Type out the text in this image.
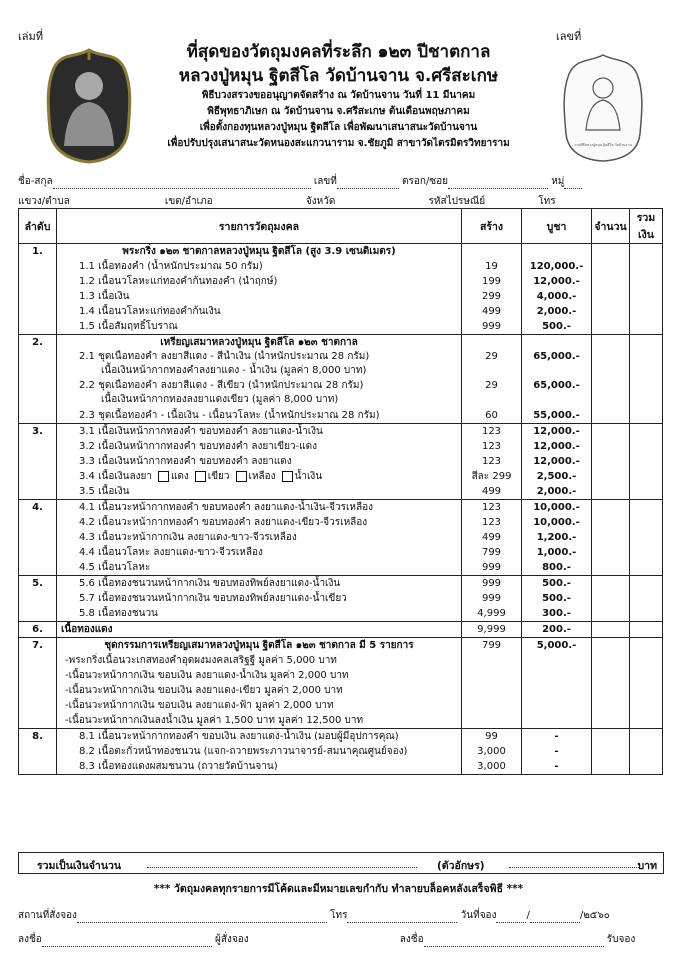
เล่มที่	เลขที่
ที่สุดของวัตถุมงคลที่ระลึก ๑๒๓ ปีชาตกาล
หลวงปู่หมุน ฐิตสีโล วัดบ้านจาน จ.ศรีสะเกษ
พิธีบวงสรวงขออนุญาตจัดสร้าง ณ วัดบ้านจาน วันที่ 11 มีนาคม
พิธีพุทธาภิเษก ณ วัดบ้านจาน จ.ศรีสะเกษ ต้นเดือนพฤษภาคม
เพื่อตั้งกองทุนหลวงปู่หมุน ฐิตสีโล เพื่อพัฒนาเสนาสนะวัดบ้านจาน
เพื่อปรับปรุงเสนาสนะวัดหนองสะแกวนาราม จ.ชัยภูมิ สาขาวัดไตรมิตรวิทยาราม	งานพิธีหลวงปู่หมุน ฐิตสีโล วัดบ้านจาน
ชื่อ-สกุล	เลขที่	ตรอก/ซอย	หมู่
แขวง/ตำบล	เขต/อำเภอ	จังหวัด	รหัสไปรษณีย์	โทร
ลำดับ	รายการวัตถุมงคล	สร้าง	บูชา	จำนวน	รวมเงิน
1.	พระกริ่ง ๑๒๓ ชาตกาลหลวงปู่หมุน ฐิตสีโล (สูง 3.9 เซนติเมตร)				
	1.1 เนื้อทองคำ (น้ำหนักประมาณ 50 กรัม)	19	120,000.-		
	1.2 เนื้อนวโลหะแก่ทองคำก้นทองคำ (นำฤกษ์)	199	12,000.-		
	1.3 เนื้อเงิน	299	4,000.-		
	1.4 เนื้อนวโลหะแก่ทองคำก้นเงิน	499	2,000.-		
	1.5 เนื้อสัมฤทธิ์โบราณ	999	500.-		
2.	เหรียญเสมาหลวงปู่หมุน ฐิตสีโล ๑๒๓ ชาตกาล				
	2.1 ชุดเนื้อทองคำ ลงยาสีแดง - สีน้ำเงิน (น้ำหนักประมาณ 28 กรัม)
เนื้อเงินหน้ากากทองคำลงยาแดง - น้ำเงิน (มูลค่า 8,000 บาท)	29	65,000.-		
	2.2 ชุดเนื้อทองคำ ลงยาสีแดง - สีเขียว (น้ำหนักประมาณ 28 กรัม)
เนื้อเงินหน้ากากทองลงยาแดงเขียว (มูลค่า 8,000 บาท)	29	65,000.-		
	2.3 ชุดเนื้อทองคำ - เนื้อเงิน - เนื้อนวโลหะ (น้ำหนักประมาณ 28 กรัม)	60	55,000.-		
3.	3.1 เนื้อเงินหน้ากากทองคำ ขอบทองคำ ลงยาแดง-น้ำเงิน	123	12,000.-		
	3.2 เนื้อเงินหน้ากากทองคำ ขอบทองคำ ลงยาเขียว-แดง	123	12,000.-		
	3.3 เนื้อเงินหน้ากากทองคำ ขอบทองคำ ลงยาแดง	123	12,000.-		
	3.4 เนื้อเงินลงยา แดง เขียว เหลือง น้ำเงิน	สีละ 299	2,500.-		
	3.5 เนื้อเงิน	499	2,000.-		
4.	4.1 เนื้อนวะหน้ากากทองคำ ขอบทองคำ ลงยาแดง-น้ำเงิน-จีวรเหลือง	123	10,000.-		
	4.2 เนื้อนวะหน้ากากทองคำ ขอบทองคำ ลงยาแดง-เขียว-จีวรเหลือง	123	10,000.-		
	4.3 เนื้อนวะหน้ากากเงิน ลงยาแดง-ขาว-จีวรเหลือง	499	1,200.-		
	4.4 เนื้อนวโลหะ ลงยาแดง-ขาว-จีวรเหลือง	799	1,000.-		
	4.5 เนื้อนวโลหะ	999	800.-		
5.	5.6 เนื้อทองชนวนหน้ากากเงิน ขอบทองทิพย์ลงยาแดง-น้ำเงิน	999	500.-		
	5.7 เนื้อทองชนวนหน้ากากเงิน ขอบทองทิพย์ลงยาแดง-น้ำเขียว	999	500.-		
	5.8 เนื้อทองชนวน	4,999	300.-		
6.	เนื้อทองแดง	9,999	200.-		
7.	ชุดกรรมการเหรียญเสมาหลวงปู่หมุน ฐิตสีโล ๑๒๓ ชาตกาล มี 5 รายการ	799	5,000.-		
	-พระกริ่งเนื้อนวะเกสทองคำอุดผงมงคลเสริฐฐี มูลค่า 5,000 บาท				
	-เนื้อนวะหน้ากากเงิน ขอบเงิน ลงยาแดง-น้ำเงิน มูลค่า 2,000 บาท				
	-เนื้อนวะหน้ากากเงิน ขอบเงิน ลงยาแดง-เขียว มูลค่า 2,000 บาท				
	-เนื้อนวะหน้ากากเงิน ขอบเงิน ลงยาแดง-ฟ้า มูลค่า 2,000 บาท				
	-เนื้อนวะหน้ากากเงินลงน้ำเงิน มูลค่า 1,500 บาท มูลค่า 12,500 บาท				
8.	8.1 เนื้อนวะหน้ากากทองคำ ขอบเงิน ลงยาแดง-น้ำเงิน (มอบผู้มีอุปการคุณ)	99	-		
	8.2 เนื้อตะกั่วหน้าทองชนวน (แจก-ถวายพระภาวนาจารย์-สมนาคุณศูนย์จอง)	3,000	-		
	8.3 เนื้อทองแดงผสมชนวน (ถวายวัดบ้านจาน)	3,000	-		
รวมเป็นเงินจำนวน	(ตัวอักษร)	บาท
*** วัตถุมงคลทุกรายการมีโค้ดและมีหมายเลขกำกับ ทำลายบล็อคหลังเสร็จพิธี ***
สถานที่สั่งจอง	โทร	วันที่จอง	/	/๒๕๖๐
ลงชื่อ	ผู้สั่งจอง	ลงชื่อ	รับจอง
